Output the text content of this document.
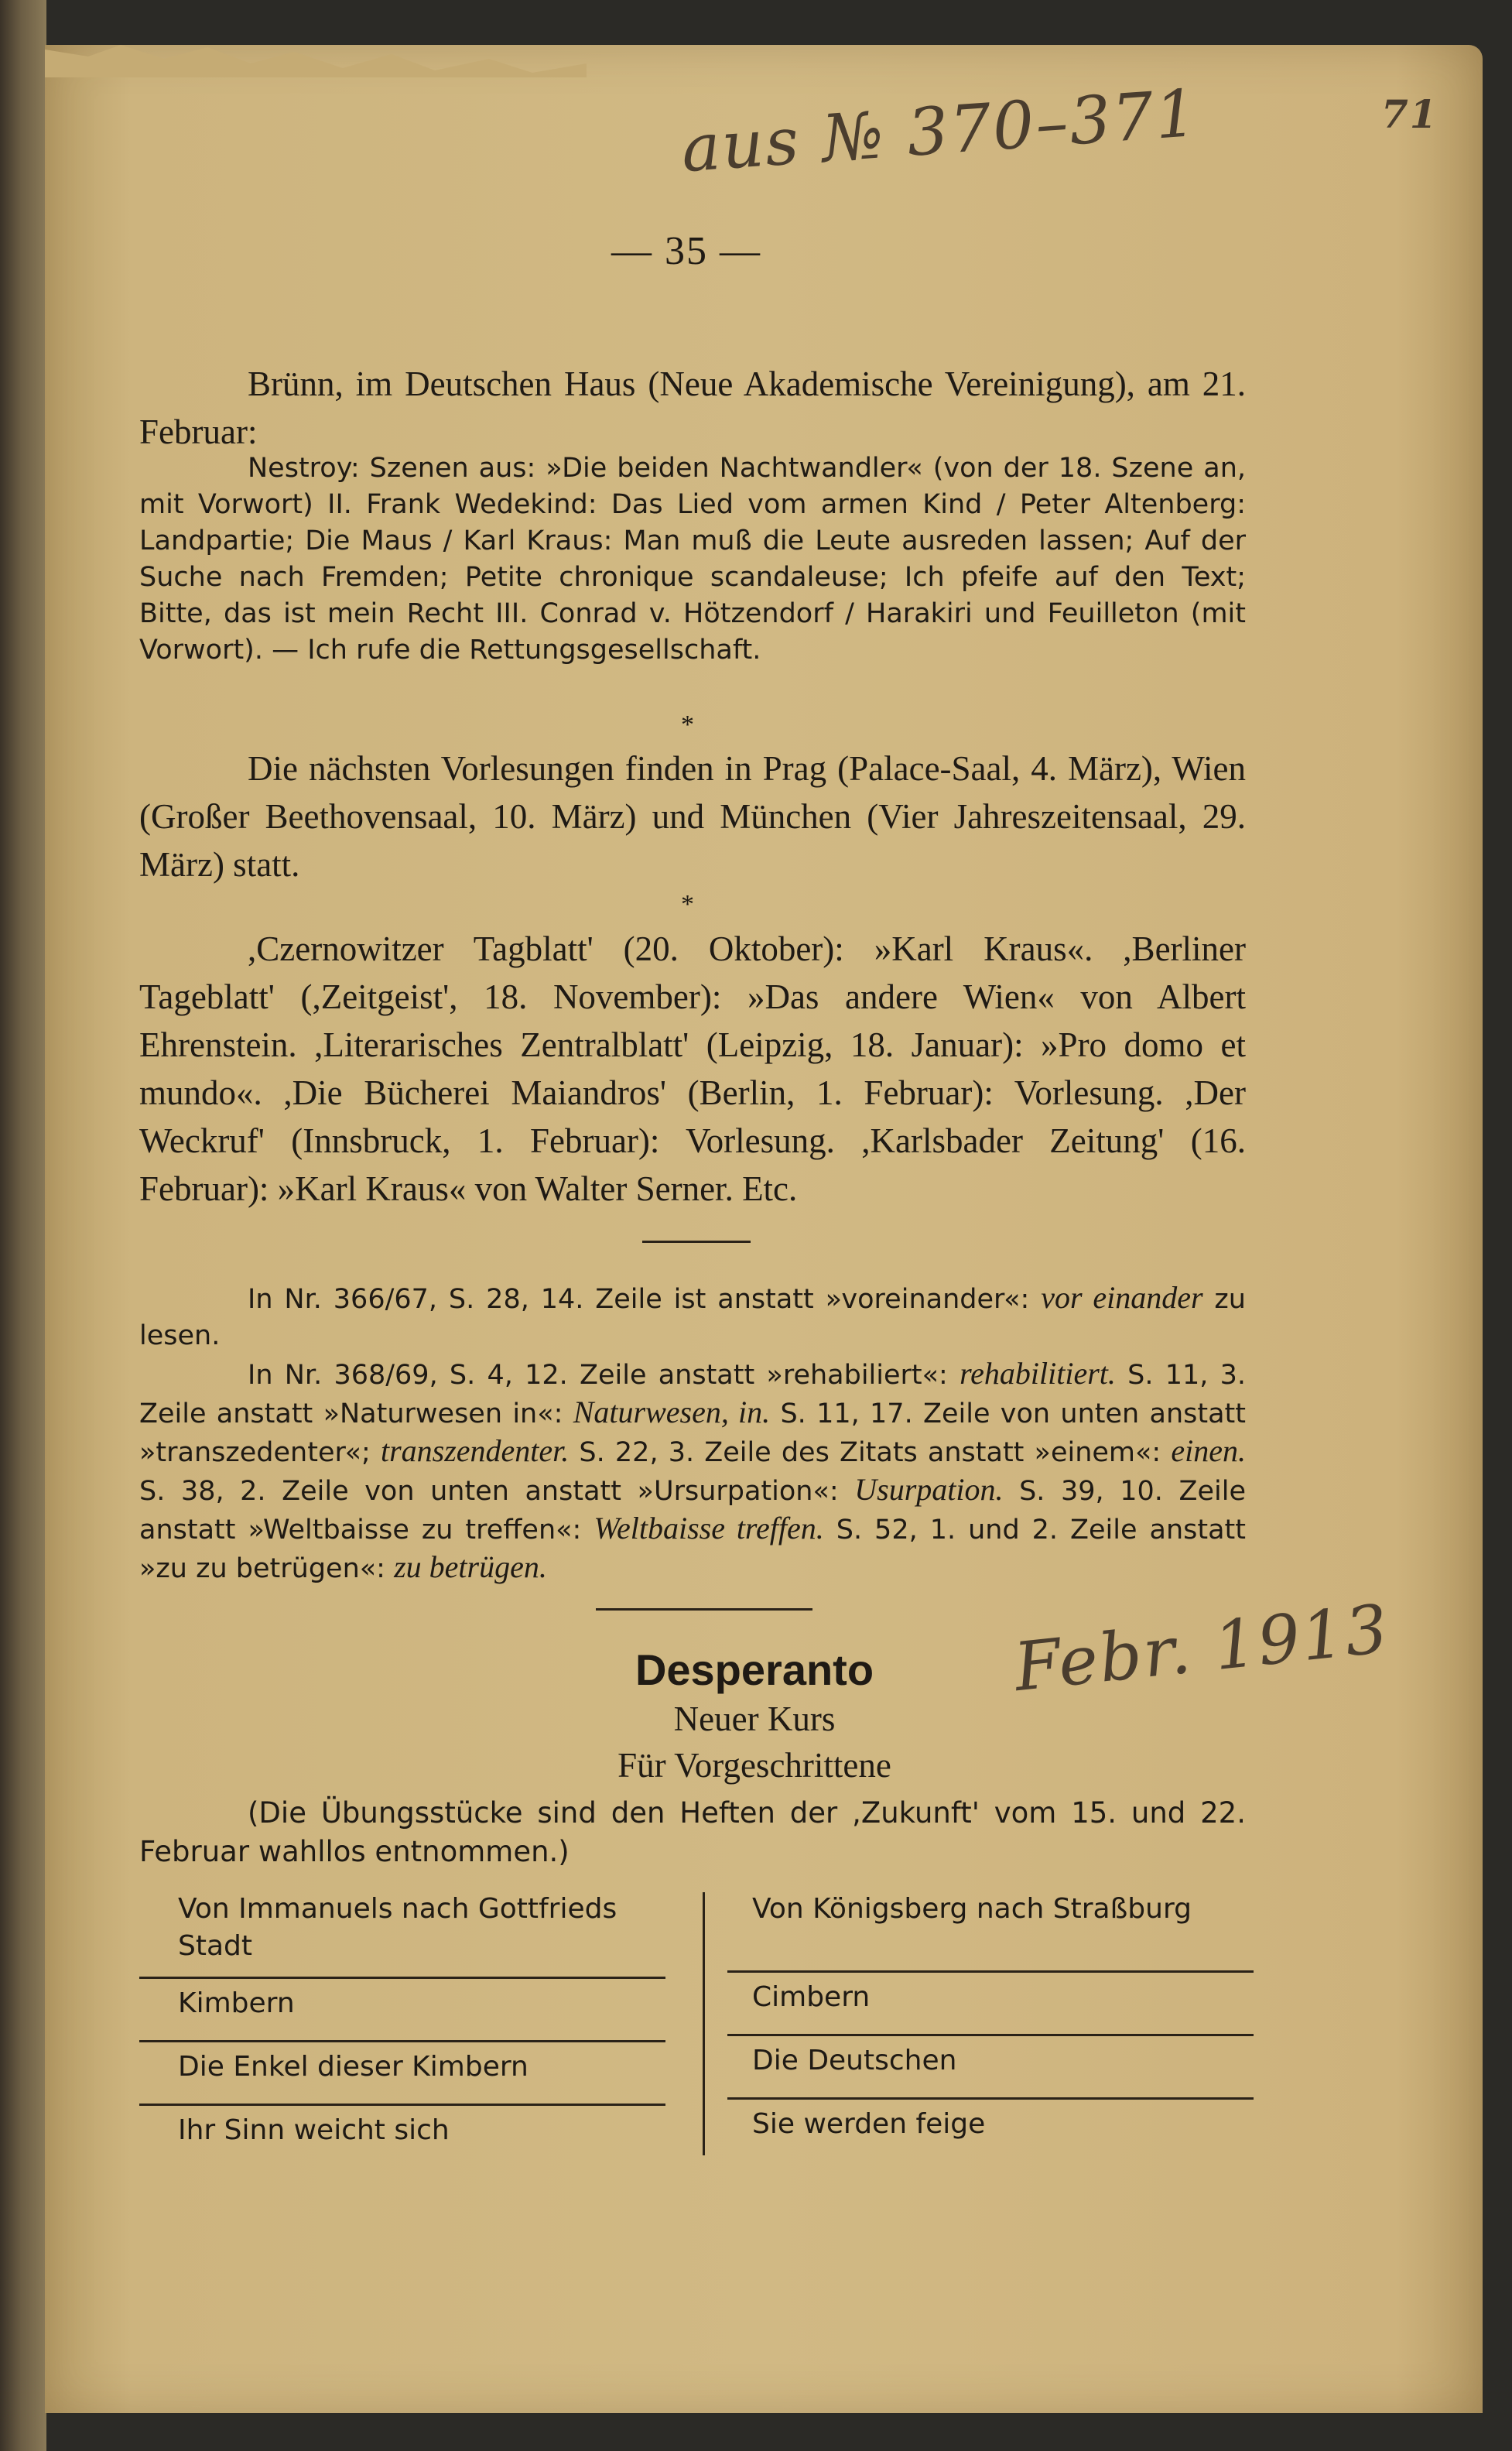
aus № 370–371	71
— 35 —

Brünn, im Deutschen Haus (Neue Akademische Vereinigung), am 21. Februar:

Nestroy: Szenen aus: »Die beiden Nachtwandler« (von der 18. Szene an, mit Vorwort) II. Frank Wedekind: Das Lied vom armen Kind / Peter Altenberg: Landpartie; Die Maus / Karl Kraus: Man muß die Leute ausreden lassen; Auf der Suche nach Fremden; Petite chronique scandaleuse; Ich pfeife auf den Text; Bitte, das ist mein Recht III. Conrad v. Hötzendorf / Harakiri und Feuilleton (mit Vorwort). — Ich rufe die Rettungsgesellschaft.

*

Die nächsten Vorlesungen finden in Prag (Palace-Saal, 4. März), Wien (Großer Beethovensaal, 10. März) und München (Vier Jahreszeitensaal, 29. März) statt.

*

,Czernowitzer Tagblatt' (20. Oktober): »Karl Kraus«. ,Berliner Tageblatt' (,Zeitgeist', 18. November): »Das andere Wien« von Albert Ehrenstein. ,Literarisches Zentralblatt' (Leipzig, 18. Januar): »Pro domo et mundo«. ,Die Bücherei Maiandros' (Berlin, 1. Februar): Vorlesung. ,Der Weckruf' (Innsbruck, 1. Februar): Vorlesung. ,Karlsbader Zeitung' (16. Februar): »Karl Kraus« von Walter Serner. Etc.

In Nr. 366/67, S. 28, 14. Zeile ist anstatt »voreinander«: vor einander zu lesen.

In Nr. 368/69, S. 4, 12. Zeile anstatt »rehabiliert«: rehabilitiert. S. 11, 3. Zeile anstatt »Naturwesen in«: Naturwesen, in. S. 11, 17. Zeile von unten anstatt »transzedenter«; transzendenter. S. 22, 3. Zeile des Zitats anstatt »einem«: einen. S. 38, 2. Zeile von unten anstatt »Ursurpation«: Usurpation. S. 39, 10. Zeile anstatt »Weltbaisse zu treffen«: Weltbaisse treffen. S. 52, 1. und 2. Zeile anstatt »zu zu betrügen«: zu betrügen.

Febr. 1913
Desperanto
Neuer Kurs
Für Vorgeschrittene

(Die Übungsstücke sind den Heften der ,Zukunft' vom 15. und 22. Februar wahllos entnommen.)

Von Immanuels nach Gottfrieds Stadt
Kimbern
Die Enkel dieser Kimbern
Ihr Sinn weicht sich
Von Königsberg nach Straßburg
Cimbern
Die Deutschen
Sie werden feige
